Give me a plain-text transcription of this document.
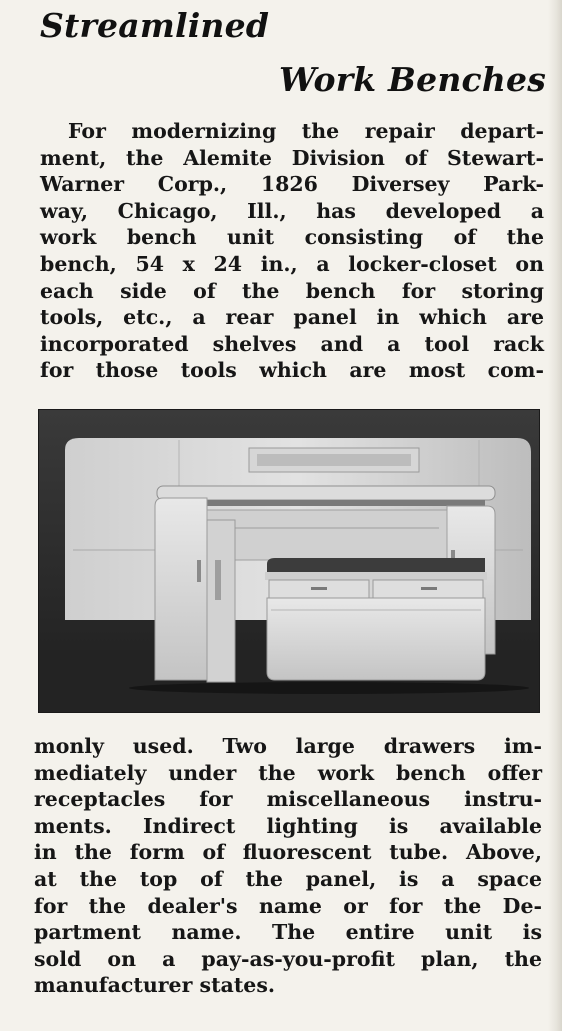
Streamlined
Work Benches
For modernizing the repair depart-
ment, the Alemite Division of Stewart-
Warner Corp., 1826 Diversey Park-
way, Chicago, Ill., has developed a
work bench unit consisting of the
bench, 54 x 24 in., a locker-closet on
each side of the bench for storing
tools, etc., a rear panel in which are
incorporated shelves and a tool rack
for those tools which are most com-
monly used. Two large drawers im-
mediately under the work bench offer
receptacles for miscellaneous instru-
ments. Indirect lighting is available
in the form of fluorescent tube. Above,
at the top of the panel, is a space
for the dealer's name or for the De-
partment name. The entire unit is
sold on a pay-as-you-profit plan, the
manufacturer states.
